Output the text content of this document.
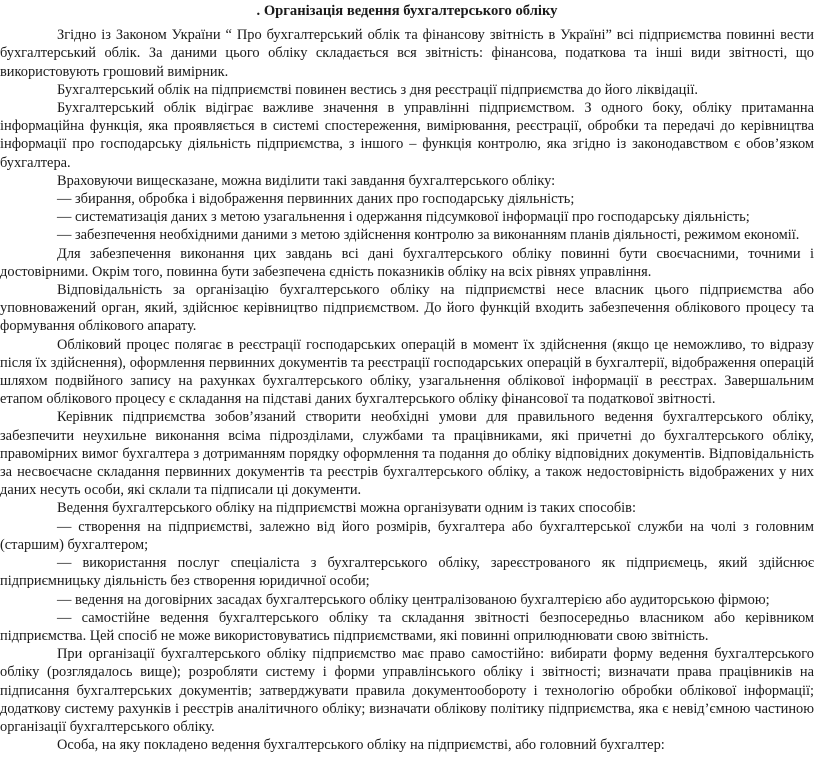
. Організація ведення бухгалтерського обліку

Згідно із Законом України “ Про бухгалтерський облік та фінансову звітність в Україні” всі підприємства повинні вести бухгалтерський облік. За даними цього обліку складається вся звітність: фінансова, податкова та інші види звітності, що використовують грошовий вимірник.

Бухгалтерський облік на підприємстві повинен вестись з дня реєстрації підприємства до його ліквідації.

Бухгалтерський облік відіграє важливе значення в управлінні підприємством. З одного боку, обліку притаманна інформаційна функція, яка проявляється в системі спостереження, вимірювання, реєстрації, обробки та передачі до керівництва інформації про господарську діяльність підприємства, з іншого – функція контролю, яка згідно із законодавством є обов’язком бухгалтера.

Враховуючи вищесказане, можна виділити такі завдання бухгалтерського обліку:

— збирання, обробка і відображення первинних даних про господарську діяльність;

— систематизація даних з метою узагальнення і одержання підсумкової інформації про господарську діяльність;

— забезпечення необхідними даними з метою здійснення контролю за виконанням планів діяльності, режимом економії.

Для забезпечення виконання цих завдань всі дані бухгалтерського обліку повинні бути своєчасними, точними і достовірними. Окрім того, повинна бути забезпечена єдність показників обліку на всіх рівнях управління.

Відповідальність за організацію бухгалтерського обліку на підприємстві несе власник цього підприємства або уповноважений орган, який, здійснює керівництво підприємством. До його функцій входить забезпечення облікового процесу та формування облікового апарату.

Обліковий процес полягає в реєстрації господарських операцій в момент їх здійснення (якщо це неможливо, то відразу після їх здійснення), оформлення первинних документів та реєстрації господарських операцій в бухгалтерії, відображення операцій шляхом подвійного запису на рахунках бухгалтерського обліку, узагальнення облікової інформації в реєстрах. Завершальним етапом облікового процесу є складання на підставі даних бухгалтерського обліку фінансової та податкової звітності.

Керівник підприємства зобов’язаний створити необхідні умови для правильного ведення бухгалтерського обліку, забезпечити неухильне виконання всіма підрозділами, службами та працівниками, які причетні до бухгалтерського обліку, правомірних вимог бухгалтера з дотриманням порядку оформлення та подання до обліку відповідних документів. Відповідальність за несвоєчасне складання первинних документів та реєстрів бухгалтерського обліку, а також недостовірність відображених у них даних несуть особи, які склали та підписали ці документи.

Ведення бухгалтерського обліку на підприємстві можна організувати одним із таких способів:

— створення на підприємстві, залежно від його розмірів, бухгалтера або бухгалтерської служби на чолі з головним (старшим) бухгалтером;

— використання послуг спеціаліста з бухгалтерського обліку, зареєстрованого як підприємець, який здійснює підприємницьку діяльність без створення юридичної особи;

— ведення на договірних засадах бухгалтерського обліку централізованою бухгалтерією або аудиторською фірмою;

— самостійне ведення бухгалтерського обліку та складання звітності безпосередньо власником або керівником підприємства. Цей спосіб не може використовуватись підприємствами, які повинні оприлюднювати свою звітність.

При організації бухгалтерського обліку підприємство має право самостійно: вибирати форму ведення бухгалтерського обліку (розглядалось вище); розробляти систему і форми управлінського обліку і звітності; визначати права працівників на підписання бухгалтерських документів; затверджувати правила документообороту і технологію обробки облікової інформації; додаткову систему рахунків і реєстрів аналітичного обліку; визначати облікову політику підприємства, яка є невід’ємною частиною організації бухгалтерського обліку.

Особа, на яку покладено ведення бухгалтерського обліку на підприємстві, або головний бухгалтер:
